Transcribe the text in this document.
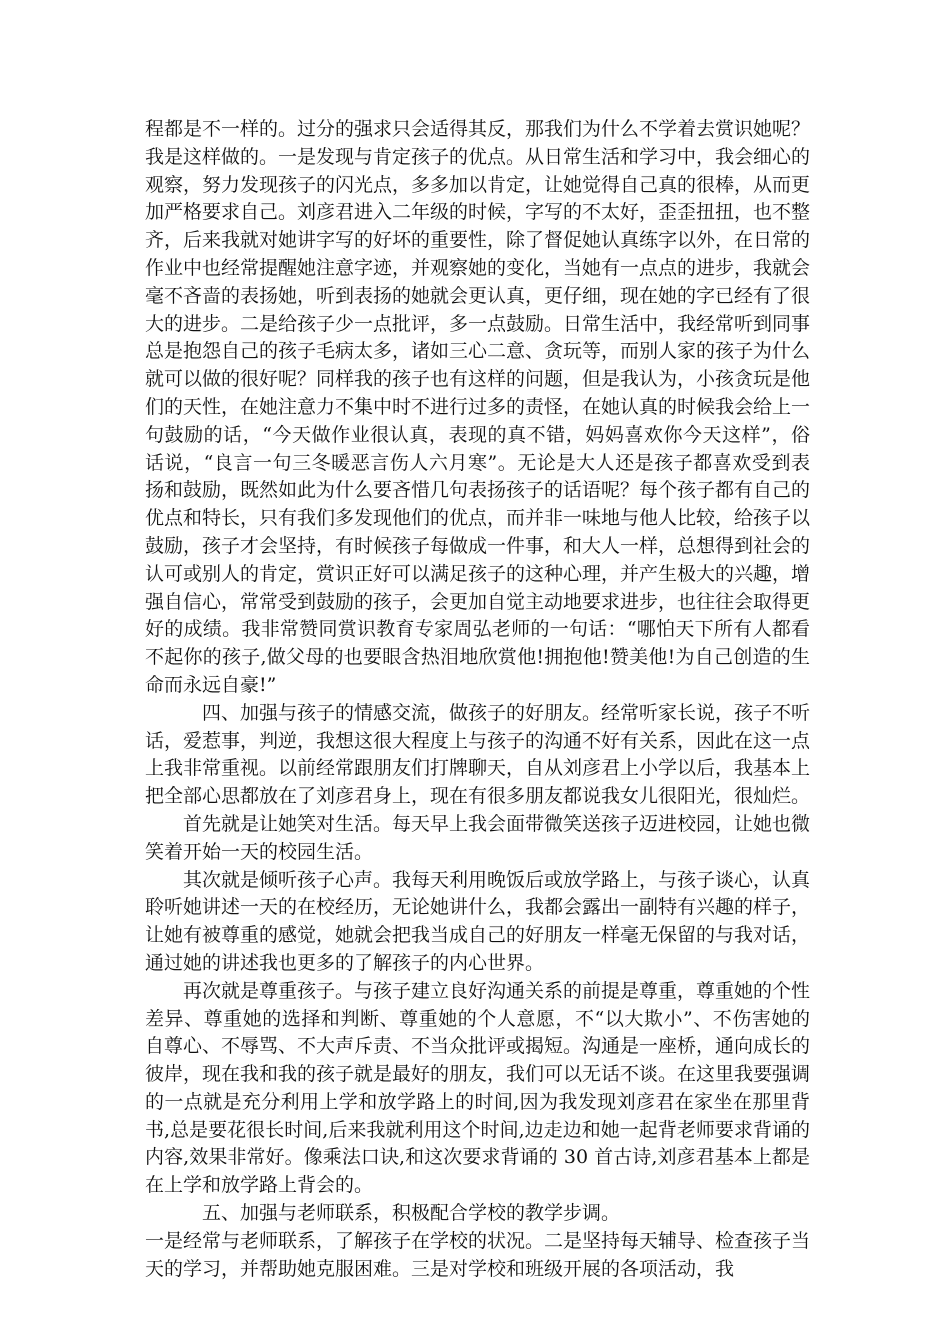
程都是不一样的。过分的强求只会适得其反，那我们为什么不学着去赏识她呢？我是这样做的。一是发现与肯定孩子的优点。从日常生活和学习中，我会细心的观察，努力发现孩子的闪光点，多多加以肯定，让她觉得自己真的很棒，从而更加严格要求自己。刘彦君进入二年级的时候，字写的不太好，歪歪扭扭，也不整齐，后来我就对她讲字写的好坏的重要性，除了督促她认真练字以外，在日常的作业中也经常提醒她注意字迹，并观察她的变化，当她有一点点的进步，我就会毫不吝啬的表扬她，听到表扬的她就会更认真，更仔细，现在她的字已经有了很大的进步。二是给孩子少一点批评，多一点鼓励。日常生活中，我经常听到同事总是抱怨自己的孩子毛病太多，诸如三心二意、贪玩等，而别人家的孩子为什么就可以做的很好呢？同样我的孩子也有这样的问题，但是我认为，小孩贪玩是他们的天性，在她注意力不集中时不进行过多的责怪，在她认真的时候我会给上一句鼓励的话，“今天做作业很认真，表现的真不错，妈妈喜欢你今天这样”，俗话说，“良言一句三冬暖恶言伤人六月寒”。无论是大人还是孩子都喜欢受到表扬和鼓励，既然如此为什么要吝惜几句表扬孩子的话语呢？每个孩子都有自己的优点和特长，只有我们多发现他们的优点，而并非一味地与他人比较，给孩子以鼓励，孩子才会坚持，有时候孩子每做成一件事，和大人一样，总想得到社会的认可或别人的肯定，赏识正好可以满足孩子的这种心理，并产生极大的兴趣，增强自信心，常常受到鼓励的孩子，会更加自觉主动地要求进步，也往往会取得更好的成绩。我非常赞同赏识教育专家周弘老师的一句话：“哪怕天下所有人都看不起你的孩子,做父母的也要眼含热泪地欣赏他!拥抱他!赞美他!为自己创造的生命而永远自豪!”

四、加强与孩子的情感交流，做孩子的好朋友。经常听家长说，孩子不听话，爱惹事，判逆，我想这很大程度上与孩子的沟通不好有关系，因此在这一点上我非常重视。以前经常跟朋友们打牌聊天，自从刘彦君上小学以后，我基本上把全部心思都放在了刘彦君身上，现在有很多朋友都说我女儿很阳光，很灿烂。

首先就是让她笑对生活。每天早上我会面带微笑送孩子迈进校园，让她也微笑着开始一天的校园生活。

其次就是倾听孩子心声。我每天利用晚饭后或放学路上，与孩子谈心，认真聆听她讲述一天的在校经历，无论她讲什么，我都会露出一副特有兴趣的样子，让她有被尊重的感觉，她就会把我当成自己的好朋友一样毫无保留的与我对话，通过她的讲述我也更多的了解孩子的内心世界。

再次就是尊重孩子。与孩子建立良好沟通关系的前提是尊重，尊重她的个性差异、尊重她的选择和判断、尊重她的个人意愿，不“以大欺小”、不伤害她的自尊心、不辱骂、不大声斥责、不当众批评或揭短。沟通是一座桥，通向成长的彼岸，现在我和我的孩子就是最好的朋友，我们可以无话不谈。在这里我要强调的一点就是充分利用上学和放学路上的时间,因为我发现刘彦君在家坐在那里背书,总是要花很长时间,后来我就利用这个时间,边走边和她一起背老师要求背诵的内容,效果非常好。像乘法口诀,和这次要求背诵的 30 首古诗,刘彦君基本上都是在上学和放学路上背会的。

五、加强与老师联系，积极配合学校的教学步调。

一是经常与老师联系，了解孩子在学校的状况。二是坚持每天辅导、检查孩子当天的学习，并帮助她克服困难。三是对学校和班级开展的各项活动，我
